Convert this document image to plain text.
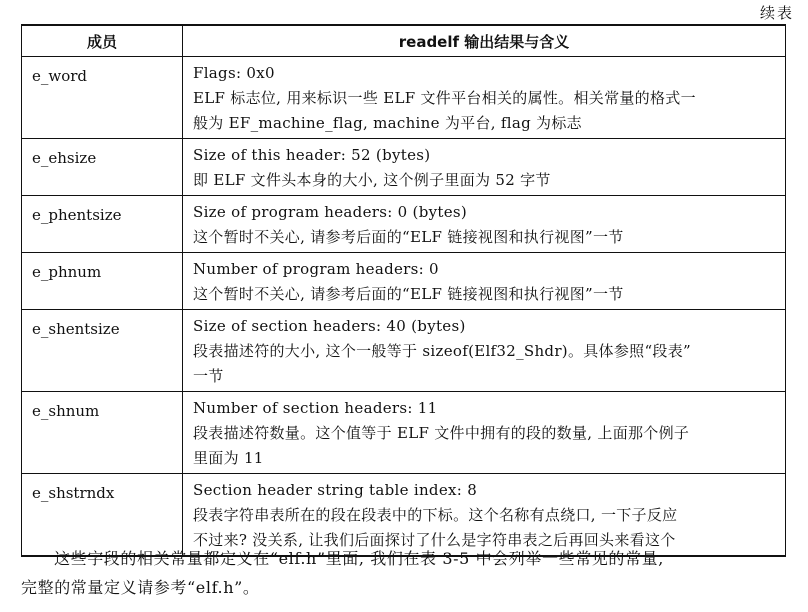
续表
成员	readelf 输出结果与含义
e_word	Flags: 0x0
ELF 标志位, 用来标识一些 ELF 文件平台相关的属性。相关常量的格式一
般为 EF_machine_flag, machine 为平台, flag 为标志

e_ehsize	Size of this header: 52 (bytes)
即 ELF 文件头本身的大小, 这个例子里面为 52 字节

e_phentsize	Size of program headers: 0 (bytes)
这个暂时不关心, 请参考后面的“ELF 链接视图和执行视图”一节

e_phnum	Number of program headers: 0
这个暂时不关心, 请参考后面的“ELF 链接视图和执行视图”一节

e_shentsize	Size of section headers: 40 (bytes)
段表描述符的大小, 这个一般等于 sizeof(Elf32_Shdr)。具体参照“段表”
一节

e_shnum	Number of section headers: 11
段表描述符数量。这个值等于 ELF 文件中拥有的段的数量, 上面那个例子
里面为 11

e_shstrndx	Section header string table index: 8
段表字符串表所在的段在段表中的下标。这个名称有点绕口, 一下子反应
不过来? 没关系, 让我们后面探讨了什么是字符串表之后再回头来看这个
这些字段的相关常量都定义在“elf.h”里面, 我们在表 3-5 中会列举一些常见的常量,
完整的常量定义请参考“elf.h”。
